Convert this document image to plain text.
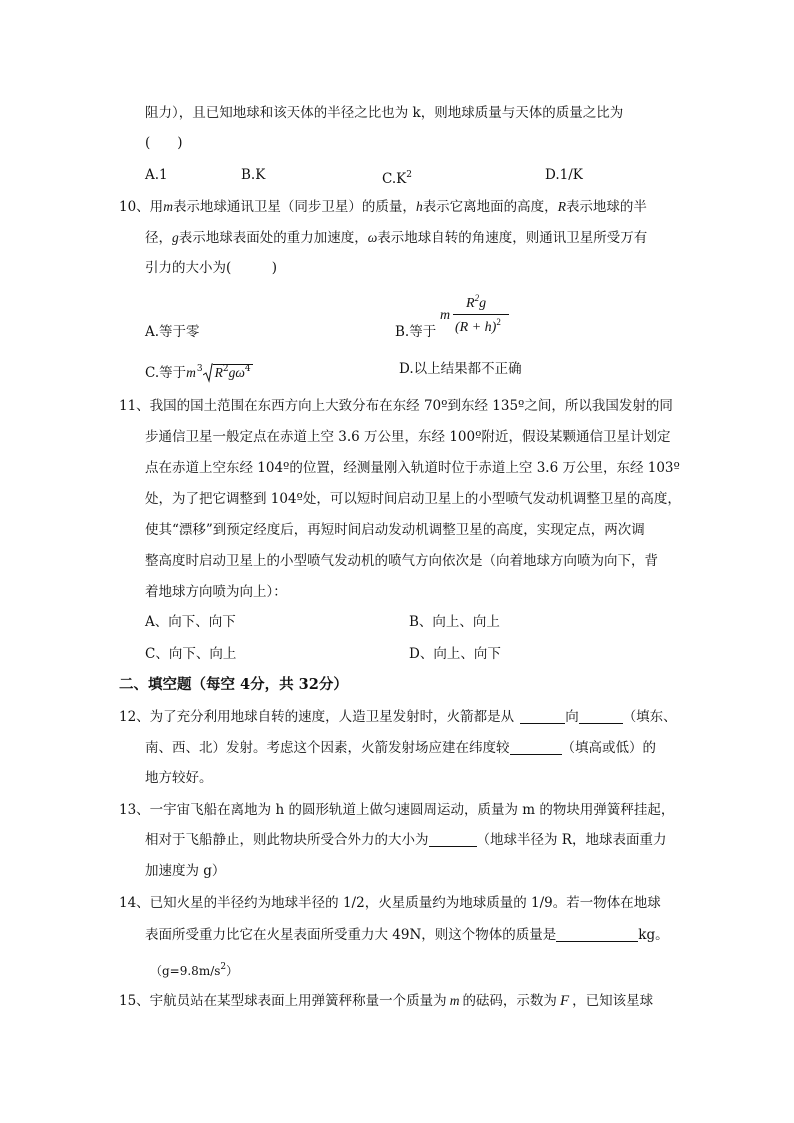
阻力），且已知地球和该天体的半径之比也为 k，则地球质量与天体的质量之比为
(　　)
A.1	B.K	$C.K^2$	D.1/K
10、用m表示地球通讯卫星（同步卫星）的质量，h表示它离地面的高度，R表示地球的半
径，g表示地球表面处的重力加速度，ω表示地球自转的角速度，则通讯卫星所受万有
引力的大小为(　　　)
A.等于零	B.等于
m
$R^2g$
$(R + h)^2$
C.等于$m^3$ $R^2g\omega^4$	D.以上结果都不正确
11、我国的国土范围在东西方向上大致分布在东经 70º到东经 135º之间，所以我国发射的同
步通信卫星一般定点在赤道上空 3.6 万公里，东经 100º附近，假设某颗通信卫星计划定
点在赤道上空东经 104º的位置，经测量刚入轨道时位于赤道上空 3.6 万公里，东经 103º
处，为了把它调整到 104º处，可以短时间启动卫星上的小型喷气发动机调整卫星的高度，
使其“漂移”到预定经度后，再短时间启动发动机调整卫星的高度，实现定点，两次调
整高度时启动卫星上的小型喷气发动机的喷气方向依次是（向着地球方向喷为向下，背
着地球方向喷为向上）：
A、向下、向下	B、向上、向上
C、向下、向上	D、向上、向下
二、填空题（每空 4分，共 32分）
12、为了充分利用地球自转的速度，人造卫星发射时，火箭都是从	向	（填东、
南、西、北）发射。考虑这个因素，火箭发射场应建在纬度较	（填高或低）的
地方较好。
13、一宇宙飞船在离地为 h 的圆形轨道上做匀速圆周运动，质量为 m 的物块用弹簧秤挂起，
相对于飞船静止，则此物块所受合外力的大小为	（地球半径为 R，地球表面重力
加速度为 g）
14、已知火星的半径约为地球半径的 1/2，火星质量约为地球质量的 1/9。若一物体在地球
表面所受重力比它在火星表面所受重力大 49N，则这个物体的质量是	kg。
$(g=9.8m/s^2)$
15、宇航员站在某型球表面上用弹簧秤称量一个质量为 m 的砝码，示数为 F ，已知该星球
